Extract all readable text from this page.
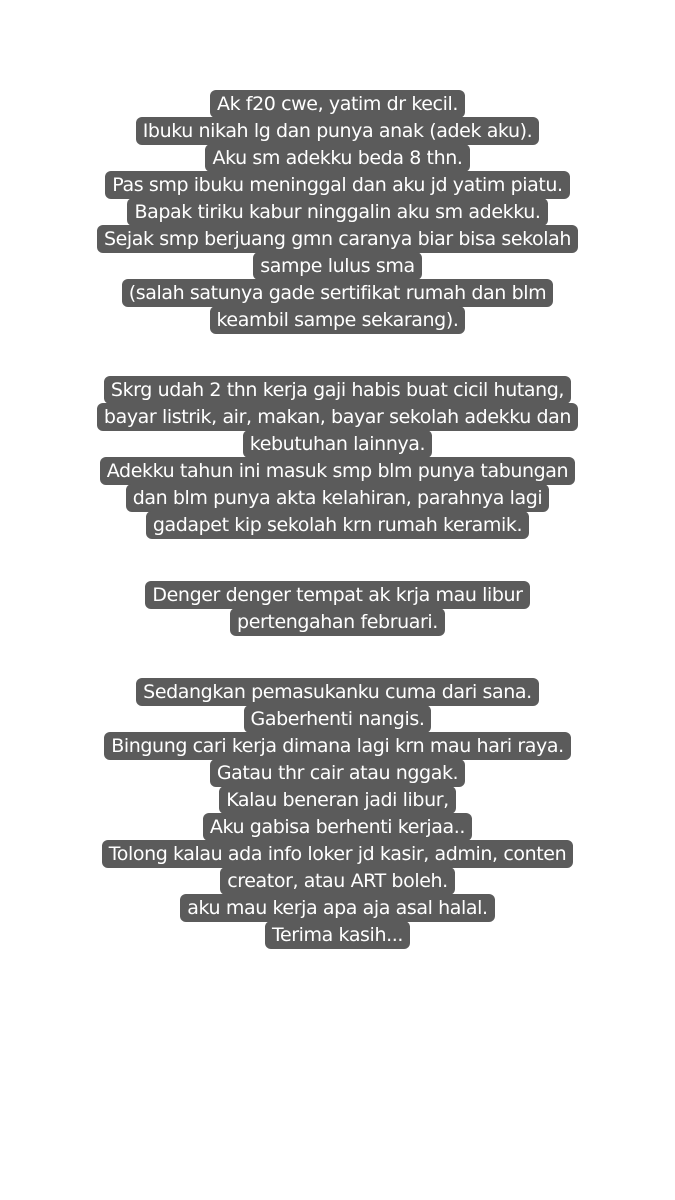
Ak f20 cwe, yatim dr kecil.
Ibuku nikah lg dan punya anak (adek aku).
Aku sm adekku beda 8 thn.
Pas smp ibuku meninggal dan aku jd yatim piatu.
Bapak tiriku kabur ninggalin aku sm adekku.
Sejak smp berjuang gmn caranya biar bisa sekolah
sampe lulus sma
(salah satunya gade sertifikat rumah dan blm
keambil sampe sekarang).
Skrg udah 2 thn kerja gaji habis buat cicil hutang,
bayar listrik, air, makan, bayar sekolah adekku dan
kebutuhan lainnya.
Adekku tahun ini masuk smp blm punya tabungan
dan blm punya akta kelahiran, parahnya lagi
gadapet kip sekolah krn rumah keramik.
Denger denger tempat ak krja mau libur
pertengahan februari.
Sedangkan pemasukanku cuma dari sana.
Gaberhenti nangis.
Bingung cari kerja dimana lagi krn mau hari raya.
Gatau thr cair atau nggak.
Kalau beneran jadi libur,
Aku gabisa berhenti kerjaa..
Tolong kalau ada info loker jd kasir, admin, conten
creator, atau ART boleh.
aku mau kerja apa aja asal halal.
Terima kasih...
